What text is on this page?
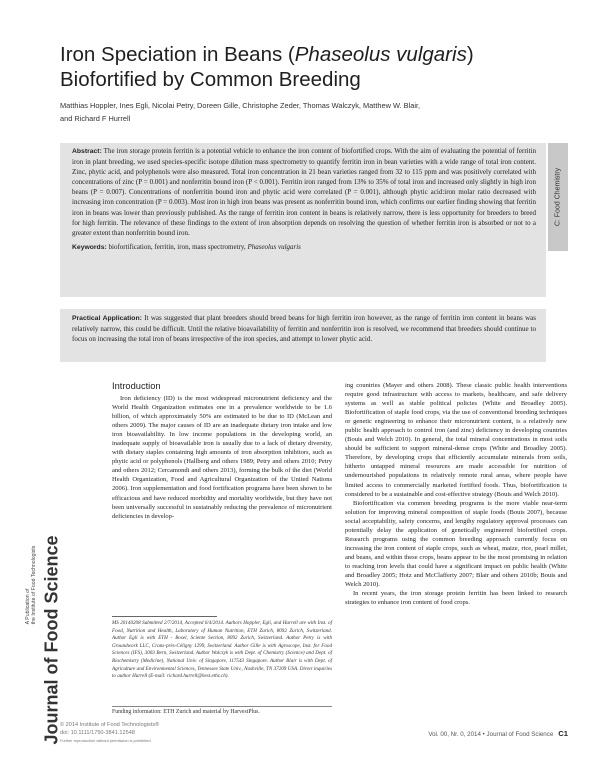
Iron Speciation in Beans (Phaseolus vulgaris)
Biofortified by Common Breeding
Matthias Hoppler, Ines Egli, Nicolai Petry, Doreen Gille, Christophe Zeder, Thomas Walczyk, Matthew W. Blair,
and Richard F Hurrell
C: Food Chemistry

Abstract: The iron storage protein ferritin is a potential vehicle to enhance the iron content of biofortified crops. With the aim of evaluating the potential of ferritin iron in plant breeding, we used species-specific isotope dilution mass spectrometry to quantify ferritin iron in bean varieties with a wide range of total iron content. Zinc, phytic acid, and polyphenols were also measured. Total iron concentration in 21 bean varieties ranged from 32 to 115 ppm and was positively correlated with concentrations of zinc (P = 0.001) and nonferritin bound iron (P < 0.001). Ferritin iron ranged from 13% to 35% of total iron and increased only slightly in high iron beans (P = 0.007). Concentrations of nonferritin bound iron and phytic acid were correlated (P = 0.001), although phytic acid:iron molar ratio decreased with increasing iron concentration (P = 0.003). Most iron in high iron beans was present as nonferritin bound iron, which confirms our earlier finding showing that ferritin iron in beans was lower than previously published. As the range of ferritin iron content in beans is relatively narrow, there is less opportunity for breeders to breed for high ferritin. The relevance of these findings to the extent of iron absorption depends on resolving the question of whether ferritin iron is absorbed or not to a greater extent than nonferritin bound iron.

Keywords: biofortification, ferritin, iron, mass spectrometry, Phaseolus vulgaris

Practical Application: It was suggested that plant breeders should breed beans for high ferritin iron however, as the range of ferritin iron content in beans was relatively narrow, this could be difficult. Until the relative bioavailability of ferritin and nonferritin iron is resolved, we recommend that breeders should continue to focus on increasing the total iron of beans irrespective of the iron species, and attempt to lower phytic acid.

Introduction

Iron deficiency (ID) is the most widespread micronutrient deficiency and the World Health Organization estimates one in a prevalence worldwide to be 1.6 billion, of which approximately 50% are estimated to be due to ID (McLean and others 2009). The major causes of ID are an inadequate dietary iron intake and low iron bioavailability. In low income populations in the developing world, an inadequate supply of bioavailable iron is usually due to a lack of dietary diversity, with dietary staples containing high amounts of iron absorption inhibitors, such as phytic acid or polyphenols (Hallberg and others 1989; Petry and others 2010; Petry and others 2012; Cercamondi and others 2013), forming the bulk of the diet (World Health Organization, Food and Agricultural Organization of the United Nations 2006). Iron supplementation and food fortification programs have been shown to be efficacious and have reduced morbidity and mortality worldwide, but they have not been universally successful in sustainably reducing the prevalence of micronutrient deficiencies in develop-

ing countries (Mayer and others 2008). These classic public health interventions require good infrastructure with access to markets, healthcare, and safe delivery systems as well as stable political policies (White and Broadley 2005). Biofortification of staple food crops, via the use of conventional breeding techniques or genetic engineering to enhance their micronutrient content, is a relatively new public health approach to control iron (and zinc) deficiency in developing countries (Bouis and Welch 2010). In general, the total mineral concentrations in most soils should be sufficient to support mineral-dense crops (White and Broadley 2005). Therefore, by developing crops that efficiently accumulate minerals from soils, hitherto untapped mineral resources are made accessible for nutrition of undernourished populations in relatively remote rural areas, where people have limited access to commercially marketed fortified foods. Thus, biofortification is considered to be a sustainable and cost-effective strategy (Bouis and Welch 2010).

Biofortification via common breeding programs is the more viable near-term solution for improving mineral composition of staple foods (Bouis 2007), because social acceptability, safety concerns, and lengthy regulatory approval processes can potentially delay the application of genetically engineered biofortified crops. Research programs using the common breeding approach currently focus on increasing the iron content of staple crops, such as wheat, maize, rice, pearl millet, and beans, and within these crops, beans appear to be the most promising in relation to reaching iron levels that could have a significant impact on public health (White and Broadley 2005; Hotz and McClafferty 2007; Blair and others 2010b; Bouis and Welch 2010).

In recent years, the iron storage protein ferritin has been linked to research strategies to enhance iron content of food crops.

MS 20140208 Submitted 2/7/2014, Accepted 6/4/2014. Authors Hoppler, Egli, and Hurrell are with Inst. of Food, Nutrition and Health, Laboratory of Human Nutrition, ETH Zurich, 8092 Zurich, Switzerland. Author Egli is with ETH - Bosel, Sciente Section, 8092 Zurich, Switzerland. Author Petry is with Groundwork LLC, Crans-près-Céligny 1299, Switzerland. Author Gille is with Agroscope, Inst. for Food Sciences (IFS), 3003 Bern, Switzerland. Author Walczyk is with Dept. of Chemistry (Science) and Dept. of Biochemistry (Medicine), National Univ. of Singapore, 117543 Singapore. Author Blair is with Dept. of Agriculture and Environmental Sciences, Tennessee State Univ., Nashville, TN 37209 USA. Direct inquiries to author Hurrell (E-mail: richard.hurrell@hest.ethz.ch).
Funding information: ETH Zurich and material by HarvestPlus.
Journal of Food Science
A Publication of
the Institute of Food Technologists
© 2014 Institute of Food Technologists®
doi: 10.1111/1750-3841.12548
Further reproduction without permission is prohibited
Vol. 00, Nr. 0, 2014 • Journal of Food Science C1
